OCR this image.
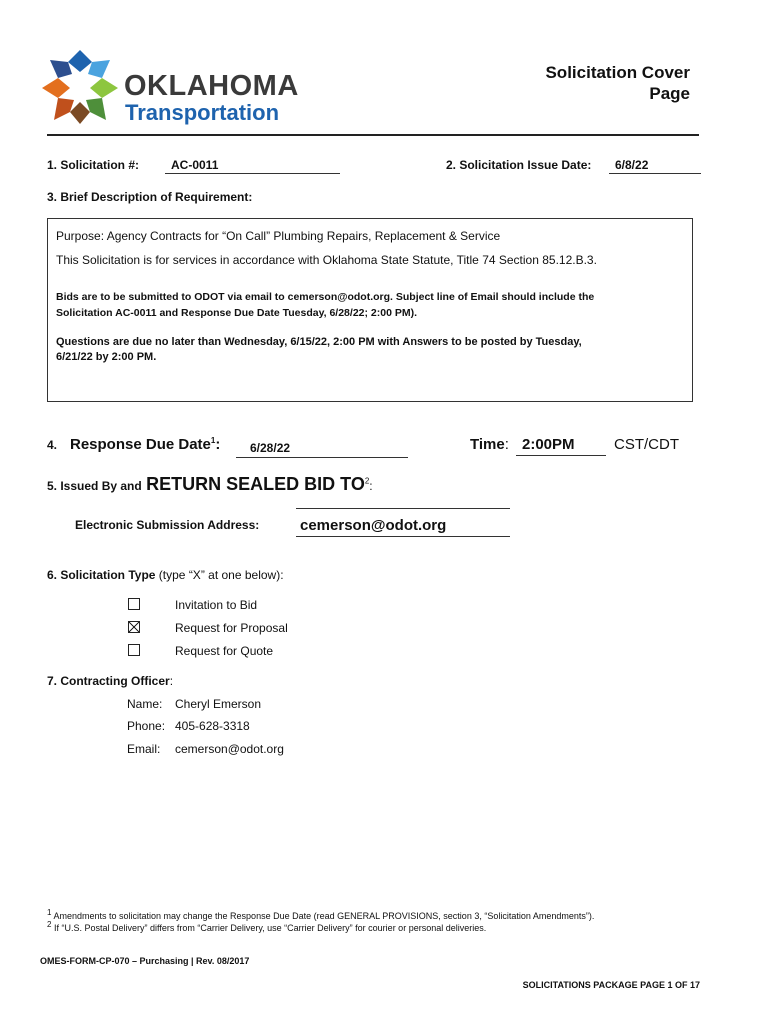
OKLAHOMA
Transportation
Solicitation Cover
Page
1. Solicitation #:	AC-0011	2. Solicitation Issue Date:	6/8/22
3. Brief Description of Requirement:
Purpose: Agency Contracts for “On Call” Plumbing Repairs, Replacement & Service
This Solicitation is for services in accordance with Oklahoma State Statute, Title 74 Section 85.12.B.3.
Bids are to be submitted to ODOT via email to cemerson@odot.org. Subject line of Email should include the
Solicitation AC-0011 and Response Due Date Tuesday, 6/28/22; 2:00 PM).
Questions are due no later than Wednesday, 6/15/22, 2:00 PM with Answers to be posted by Tuesday,
6/21/22 by 2:00 PM.
4. Response Due Date$^1$:	6/28/22	Time: 2:00PM	CST/CDT
5. Issued By and RETURN SEALED BID $TO^2$:
Electronic Submission Address:	cemerson@odot.org
6. Solicitation Type (type “X” at one below):
Invitation to Bid
Request for Proposal
Request for Quote
7. Contracting Officer:
Name: Cheryl Emerson
Phone: 405-628-3318
Email: cemerson@odot.org
$^1$ Amendments to solicitation may change the Response Due Date (read GENERAL PROVISIONS, section 3, “Solicitation Amendments”).
$^2$ If “U.S. Postal Delivery” differs from “Carrier Delivery, use “Carrier Delivery” for courier or personal deliveries.
OMES-FORM-CP-070 – Purchasing | Rev. 08/2017
SOLICITATIONS PACKAGE PAGE 1 OF 17
